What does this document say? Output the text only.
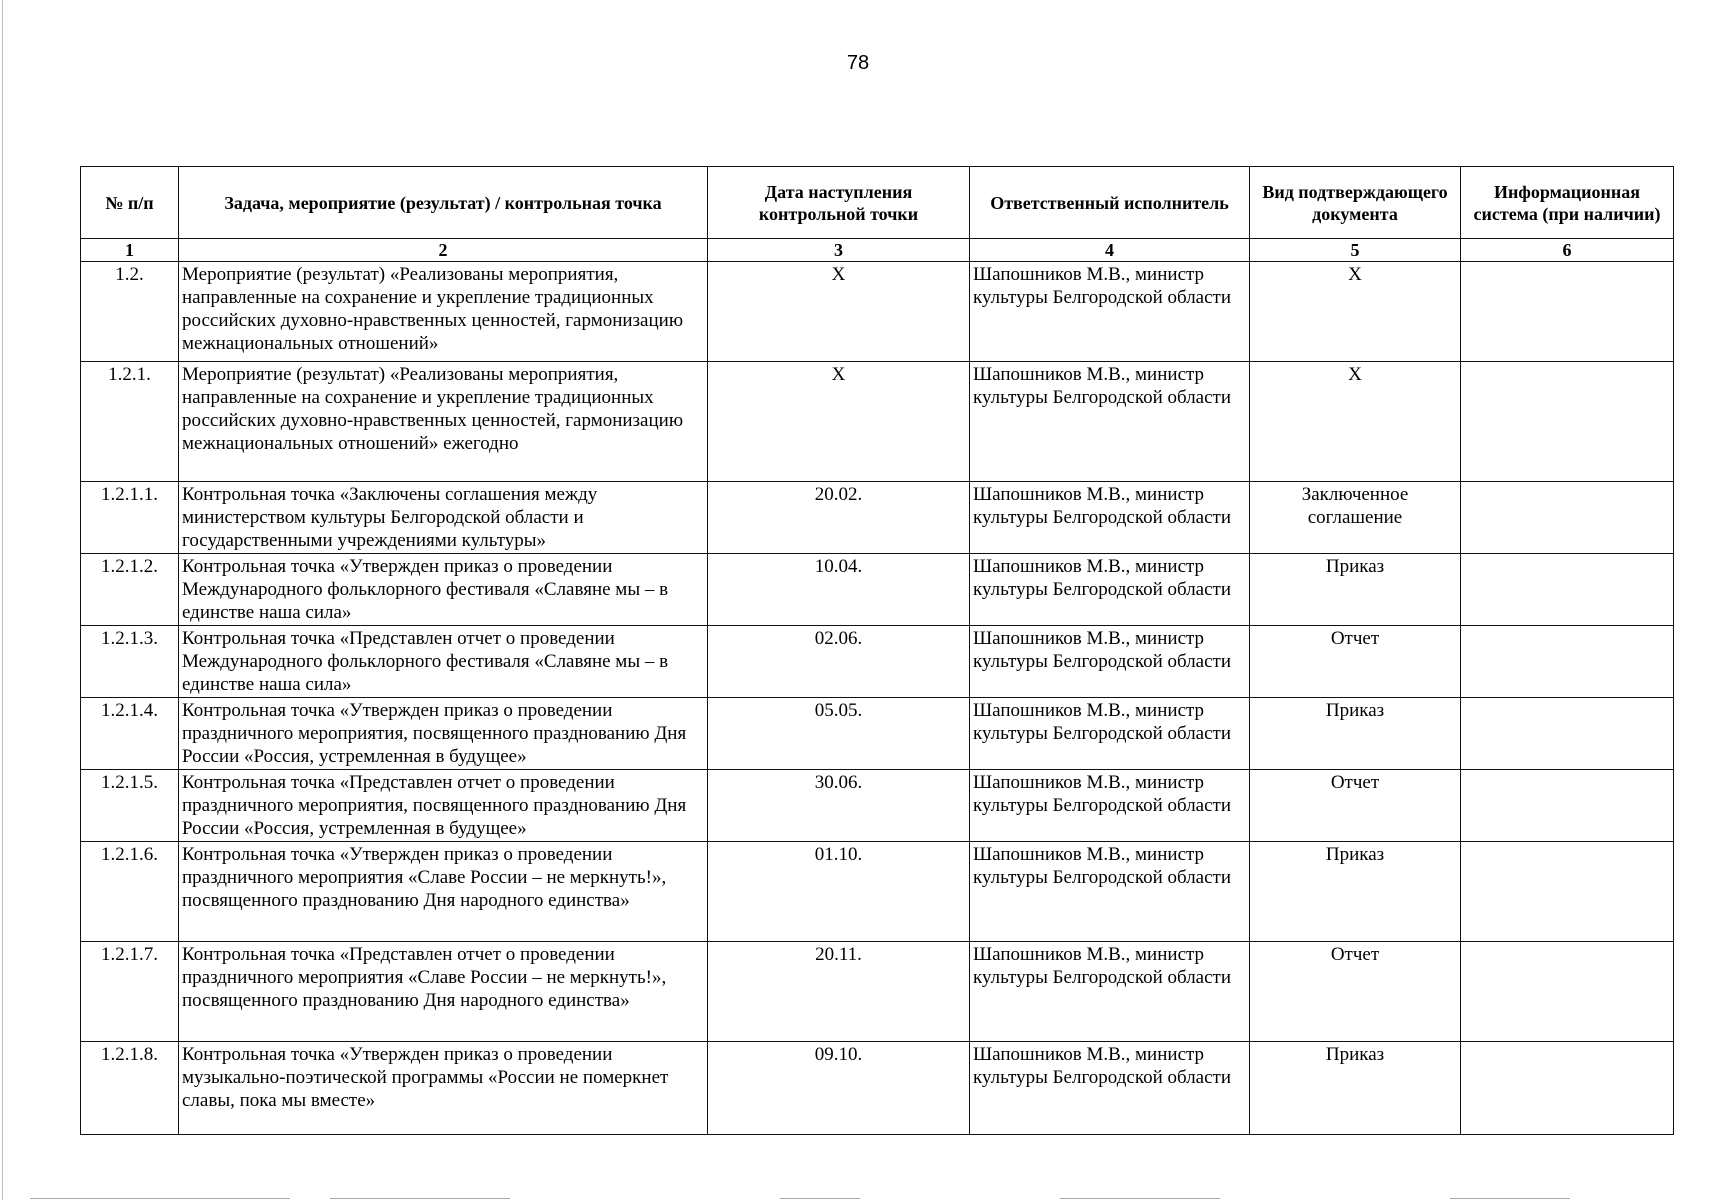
78
№ п/п	Задача, мероприятие (результат) / контрольная точка	Дата наступления контрольной точки	Ответственный исполнитель	Вид подтверждающего документа	Информационная система (при наличии)
1	2	3	4	5	6
1.2.	Мероприятие (результат) «Реализованы мероприятия, направленные на сохранение и укрепление традиционных российских духовно-нравственных ценностей, гармонизацию межнациональных отношений»	X	Шапошников М.В., министр культуры Белгородской области	X	
1.2.1.	Мероприятие (результат) «Реализованы мероприятия, направленные на сохранение и укрепление традиционных российских духовно-нравственных ценностей, гармонизацию межнациональных отношений» ежегодно	X	Шапошников М.В., министр культуры Белгородской области	X	
1.2.1.1.	Контрольная точка «Заключены соглашения между министерством культуры Белгородской области и государственными учреждениями культуры»	20.02.	Шапошников М.В., министр культуры Белгородской области	Заключенное соглашение	
1.2.1.2.	Контрольная точка «Утвержден приказ о проведении Международного фольклорного фестиваля «Славяне мы – в единстве наша сила»	10.04.	Шапошников М.В., министр культуры Белгородской области	Приказ	
1.2.1.3.	Контрольная точка «Представлен отчет о проведении Международного фольклорного фестиваля «Славяне мы – в единстве наша сила»	02.06.	Шапошников М.В., министр культуры Белгородской области	Отчет	
1.2.1.4.	Контрольная точка «Утвержден приказ о проведении праздничного мероприятия, посвященного празднованию Дня России «Россия, устремленная в будущее»	05.05.	Шапошников М.В., министр культуры Белгородской области	Приказ	
1.2.1.5.	Контрольная точка «Представлен отчет о проведении праздничного мероприятия, посвященного празднованию Дня России «Россия, устремленная в будущее»	30.06.	Шапошников М.В., министр культуры Белгородской области	Отчет	
1.2.1.6.	Контрольная точка «Утвержден приказ о проведении праздничного мероприятия «Славе России – не меркнуть!», посвященного празднованию Дня народного единства»	01.10.	Шапошников М.В., министр культуры Белгородской области	Приказ	
1.2.1.7.	Контрольная точка «Представлен отчет о проведении праздничного мероприятия «Славе России – не меркнуть!», посвященного празднованию Дня народного единства»	20.11.	Шапошников М.В., министр культуры Белгородской области	Отчет	
1.2.1.8.	Контрольная точка «Утвержден приказ о проведении музыкально-поэтической программы «России не померкнет славы, пока мы вместе»	09.10.	Шапошников М.В., министр культуры Белгородской области	Приказ	
